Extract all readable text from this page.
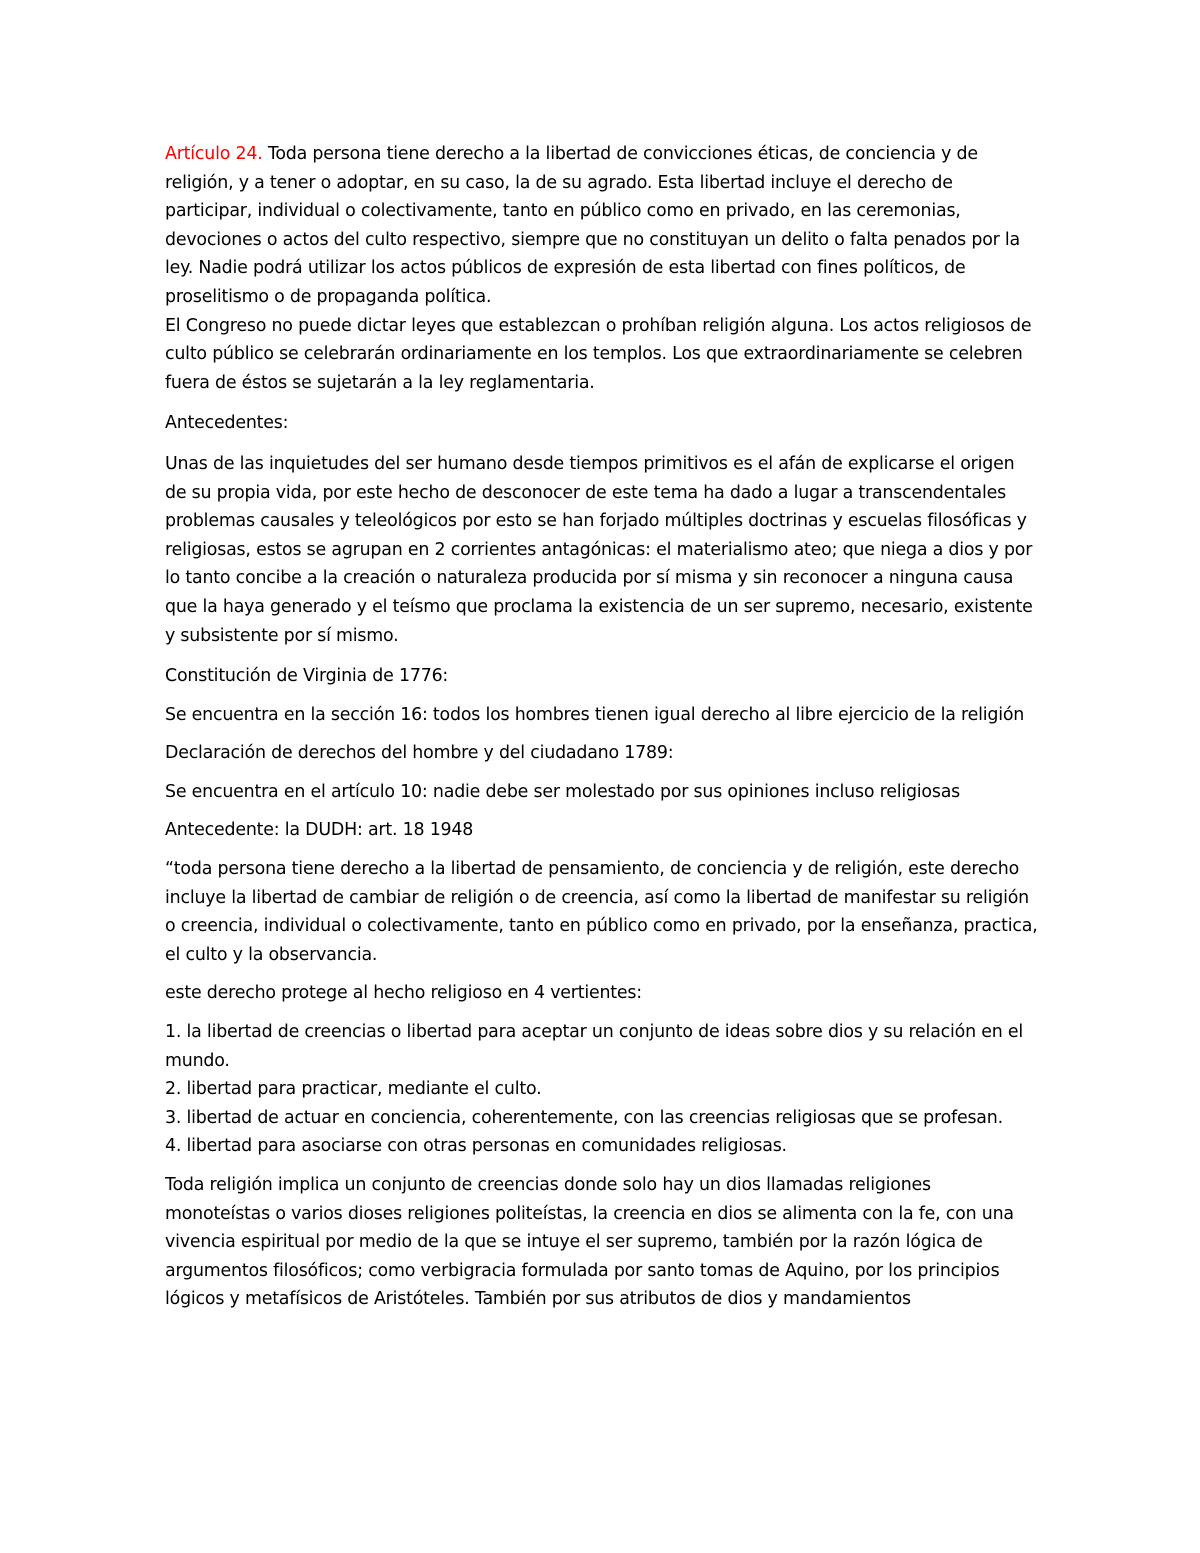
Artículo 24. Toda persona tiene derecho a la libertad de convicciones éticas, de conciencia y de religión, y a tener o adoptar, en su caso, la de su agrado. Esta libertad incluye el derecho de participar, individual o colectivamente, tanto en público como en privado, en las ceremonias, devociones o actos del culto respectivo, siempre que no constituyan un delito o falta penados por la ley. Nadie podrá utilizar los actos públicos de expresión de esta libertad con fines políticos, de proselitismo o de propaganda política.

El Congreso no puede dictar leyes que establezcan o prohíban religión alguna. Los actos religiosos de culto público se celebrarán ordinariamente en los templos. Los que extraordinariamente se celebren fuera de éstos se sujetarán a la ley reglamentaria.

Antecedentes:

Unas de las inquietudes del ser humano desde tiempos primitivos es el afán de explicarse el origen de su propia vida, por este hecho de desconocer de este tema ha dado a lugar a transcendentales problemas causales y teleológicos por esto se han forjado múltiples doctrinas y escuelas filosóficas y religiosas, estos se agrupan en 2 corrientes antagónicas: el materialismo ateo; que niega a dios y por lo tanto concibe a la creación o naturaleza producida por sí misma y sin reconocer a ninguna causa que la haya generado y el teísmo que proclama la existencia de un ser supremo, necesario, existente y subsistente por sí mismo.

Constitución de Virginia de 1776:

Se encuentra en la sección 16: todos los hombres tienen igual derecho al libre ejercicio de la religión

Declaración de derechos del hombre y del ciudadano 1789:

Se encuentra en el artículo 10: nadie debe ser molestado por sus opiniones incluso religiosas

Antecedente: la DUDH: art. 18 1948

“toda persona tiene derecho a la libertad de pensamiento, de conciencia y de religión, este derecho incluye la libertad de cambiar de religión o de creencia, así como la libertad de manifestar su religión o creencia, individual o colectivamente, tanto en público como en privado, por la enseñanza, practica, el culto y la observancia.

este derecho protege al hecho religioso en 4 vertientes:

1. la libertad de creencias o libertad para aceptar un conjunto de ideas sobre dios y su relación en el mundo.

2. libertad para practicar, mediante el culto.

3. libertad de actuar en conciencia, coherentemente, con las creencias religiosas que se profesan.

4. libertad para asociarse con otras personas en comunidades religiosas.

Toda religión implica un conjunto de creencias donde solo hay un dios llamadas religiones monoteístas o varios dioses religiones politeístas, la creencia en dios se alimenta con la fe, con una vivencia espiritual por medio de la que se intuye el ser supremo, también por la razón lógica de argumentos filosóficos; como verbigracia formulada por santo tomas de Aquino, por los principios lógicos y metafísicos de Aristóteles. También por sus atributos de dios y mandamientos
